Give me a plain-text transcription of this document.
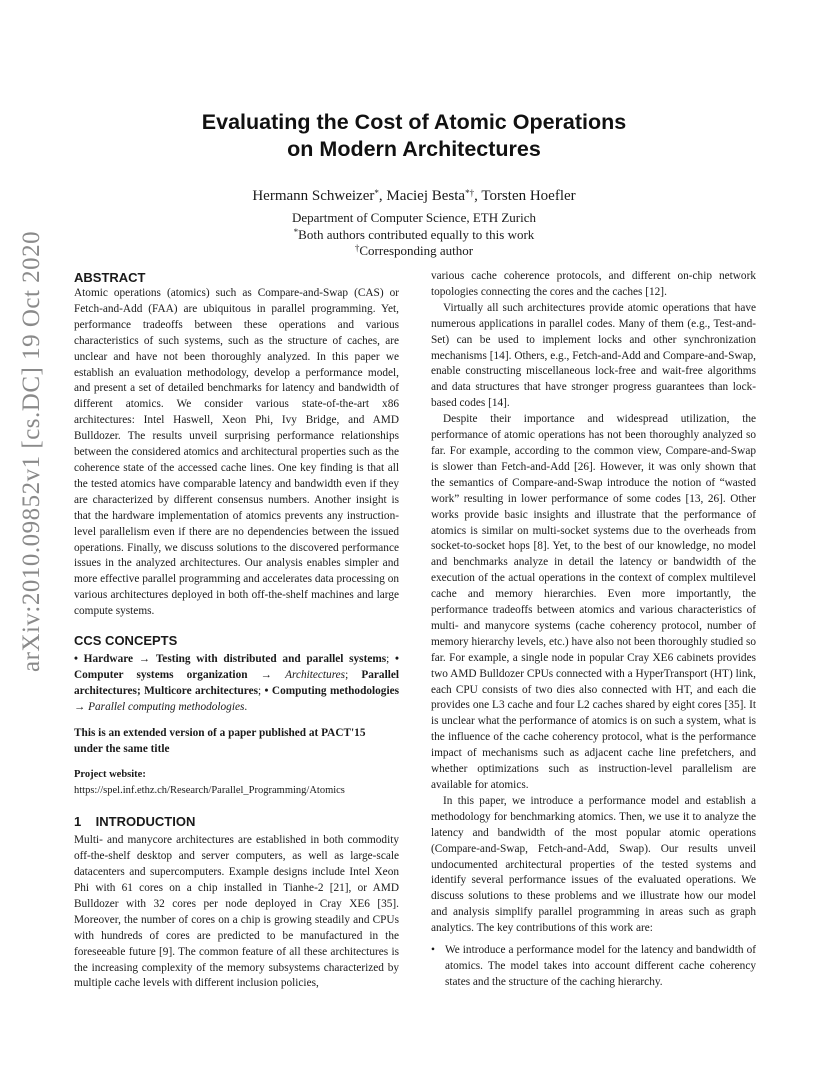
arXiv:2010.09852v1 [cs.DC] 19 Oct 2020
Evaluating the Cost of Atomic Operations
on Modern Architectures
Hermann Schweizer*, Maciej Besta*†, Torsten Hoefler
Department of Computer Science, ETH Zurich
*Both authors contributed equally to this work
†Corresponding author

ABSTRACT

Atomic operations (atomics) such as Compare-and-Swap (CAS) or Fetch-and-Add (FAA) are ubiquitous in parallel programming. Yet, performance tradeoffs between these operations and various characteristics of such systems, such as the structure of caches, are unclear and have not been thoroughly analyzed. In this paper we establish an evaluation methodology, develop a performance model, and present a set of detailed benchmarks for latency and bandwidth of different atomics. We consider various state-of-the-art x86 architectures: Intel Haswell, Xeon Phi, Ivy Bridge, and AMD Bulldozer. The results unveil surprising performance relationships between the considered atomics and architectural properties such as the coherence state of the accessed cache lines. One key finding is that all the tested atomics have comparable latency and bandwidth even if they are characterized by different consensus numbers. Another insight is that the hardware implementation of atomics prevents any instruction-level parallelism even if there are no dependencies between the issued operations. Finally, we discuss solutions to the discovered performance issues in the analyzed architectures. Our analysis enables simpler and more effective parallel programming and accelerates data processing on various architectures deployed in both off-the-shelf machines and large compute systems.

CCS CONCEPTS

• Hardware → Testing with distributed and parallel systems; • Computer systems organization → Architectures; Parallel architectures; Multicore architectures; • Computing methodologies → Parallel computing methodologies.

This is an extended version of a paper published at PACT'15 under the same title

Project website:

https://spel.inf.ethz.ch/Research/Parallel_Programming/Atomics

1    INTRODUCTION

Multi- and manycore architectures are established in both commodity off-the-shelf desktop and server computers, as well as large-scale datacenters and supercomputers. Example designs include Intel Xeon Phi with 61 cores on a chip installed in Tianhe-2 [21], or AMD Bulldozer with 32 cores per node deployed in Cray XE6 [35]. Moreover, the number of cores on a chip is growing steadily and CPUs with hundreds of cores are predicted to be manufactured in the foreseeable future [9]. The common feature of all these architectures is the increasing complexity of the memory subsystems characterized by multiple cache levels with different inclusion policies,

various cache coherence protocols, and different on-chip network topologies connecting the cores and the caches [12].

Virtually all such architectures provide atomic operations that have numerous applications in parallel codes. Many of them (e.g., Test-and-Set) can be used to implement locks and other synchronization mechanisms [14]. Others, e.g., Fetch-and-Add and Compare-and-Swap, enable constructing miscellaneous lock-free and wait-free algorithms and data structures that have stronger progress guarantees than lock-based codes [14].

Despite their importance and widespread utilization, the performance of atomic operations has not been thoroughly analyzed so far. For example, according to the common view, Compare-and-Swap is slower than Fetch-and-Add [26]. However, it was only shown that the semantics of Compare-and-Swap introduce the notion of “wasted work” resulting in lower performance of some codes [13, 26]. Other works provide basic insights and illustrate that the performance of atomics is similar on multi-socket systems due to the overheads from socket-to-socket hops [8]. Yet, to the best of our knowledge, no model and benchmarks analyze in detail the latency or bandwidth of the execution of the actual operations in the context of complex multilevel cache and memory hierarchies. Even more importantly, the performance tradeoffs between atomics and various characteristics of multi- and manycore systems (cache coherency protocol, number of memory hierarchy levels, etc.) have also not been thoroughly studied so far. For example, a single node in popular Cray XE6 cabinets provides two AMD Bulldozer CPUs connected with a HyperTransport (HT) link, each CPU consists of two dies also connected with HT, and each die provides one L3 cache and four L2 caches shared by eight cores [35]. It is unclear what the performance of atomics is on such a system, what is the influence of the cache coherency protocol, what is the performance impact of mechanisms such as adjacent cache line prefetchers, and whether optimizations such as instruction-level parallelism are available for atomics.

In this paper, we introduce a performance model and establish a methodology for benchmarking atomics. Then, we use it to analyze the latency and bandwidth of the most popular atomic operations (Compare-and-Swap, Fetch-and-Add, Swap). Our results unveil undocumented architectural properties of the tested systems and identify several performance issues of the evaluated operations. We discuss solutions to these problems and we illustrate how our model and analysis simplify parallel programming in areas such as graph analytics. The key contributions of this work are:

• We introduce a performance model for the latency and bandwidth of atomics. The model takes into account different cache coherency states and the structure of the caching hierarchy.
